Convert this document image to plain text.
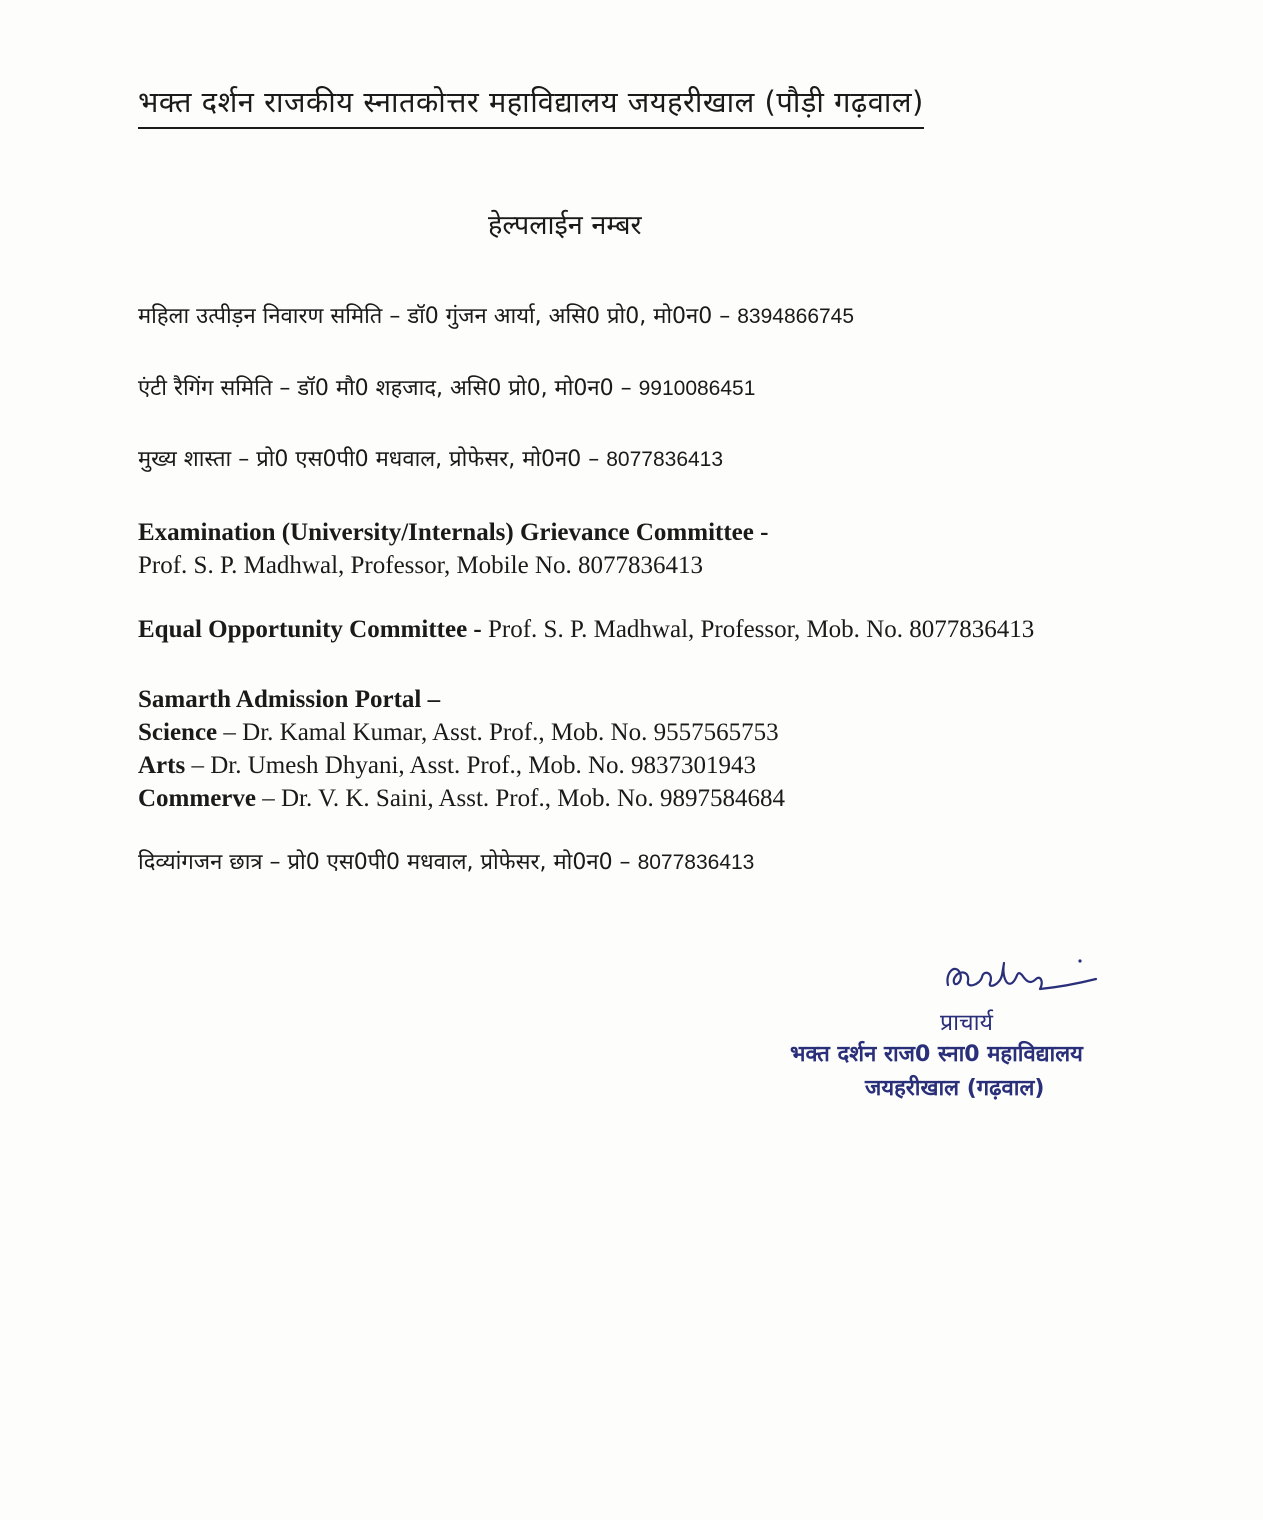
भक्त दर्शन राजकीय स्नातकोत्तर महाविद्यालय जयहरीखाल (पौड़ी गढ़वाल)
हेल्पलाईन नम्बर
महिला उत्पीड़न निवारण समिति – डॉ0 गुंजन आर्या, असि0 प्रो0, मो0न0 – 8394866745
एंटी रैगिंग समिति – डॉ0 मौ0 शहजाद, असि0 प्रो0, मो0न0 – 9910086451
मुख्य शास्ता – प्रो0 एस0पी0 मधवाल, प्रोफेसर, मो0न0 – 8077836413
Examination (University/Internals) Grievance Committee -
Prof. S. P. Madhwal, Professor, Mobile No. 8077836413
Equal Opportunity Committee - Prof. S. P. Madhwal, Professor, Mob. No. 8077836413
Samarth Admission Portal –
Science – Dr. Kamal Kumar, Asst. Prof., Mob. No. 9557565753
Arts – Dr. Umesh Dhyani, Asst. Prof., Mob. No. 9837301943
Commerve – Dr. V. K. Saini, Asst. Prof., Mob. No. 9897584684
दिव्यांगजन छात्र – प्रो0 एस0पी0 मधवाल, प्रोफेसर, मो0न0 – 8077836413
प्राचार्य
भक्त दर्शन राज0 स्ना0 महाविद्यालय
जयहरीखाल (गढ़वाल)
